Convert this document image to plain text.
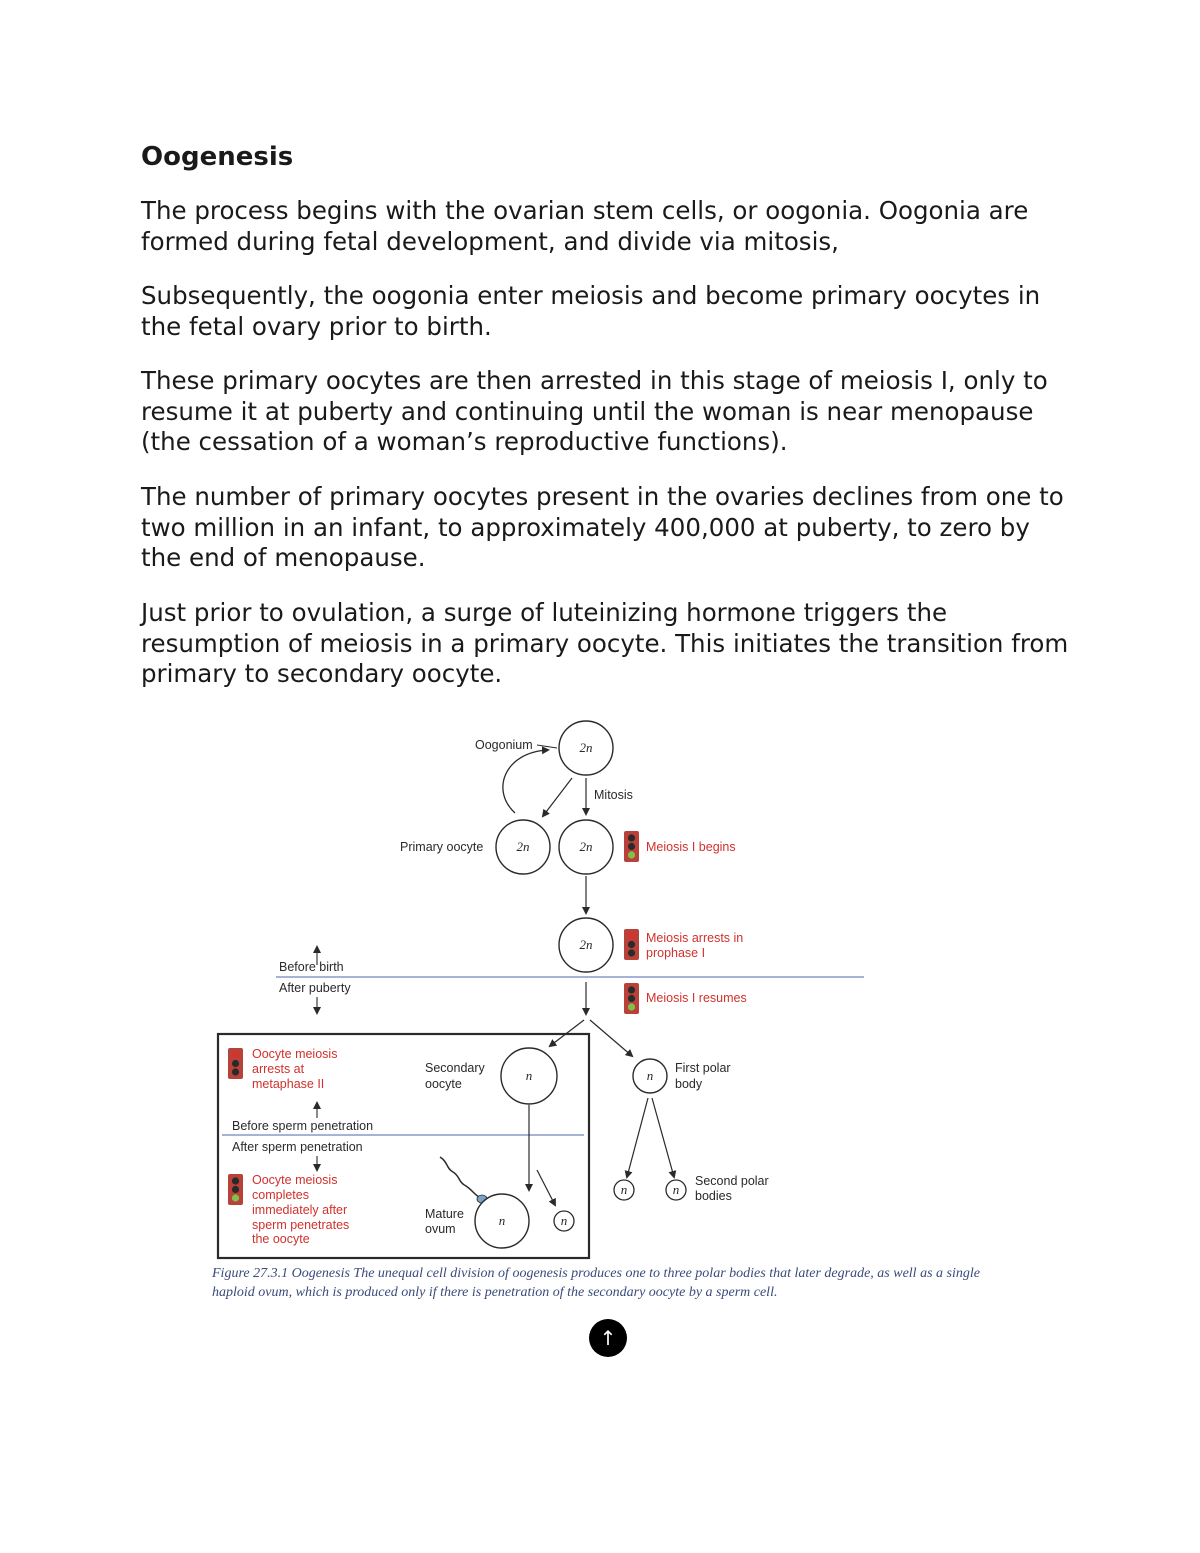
Oogenesis

The process begins with the ovarian stem cells, or oogonia. Oogonia are formed during fetal development, and divide via mitosis,

Subsequently, the oogonia enter meiosis and become primary oocytes in the fetal ovary prior to birth.

These primary oocytes are then arrested in this stage of meiosis I, only to resume it at puberty and continuing until the woman is near menopause (the cessation of a woman’s reproductive functions).

The number of primary oocytes present in the ovaries declines from one to two million in an infant, to approximately 400,000 at puberty, to zero by the end of menopause.

Just prior to ovulation, a surge of luteinizing hormone triggers the resumption of meiosis in a primary oocyte. This initiates the transition from primary to secondary oocyte.

2n
Oogonium
Mitosis
2n	2n
Primary oocyte	Meiosis I begins
2n	Meiosis arrests in
prophase I
Before birth
After puberty
Meiosis I resumes
Oocyte meiosis
arrests at
metaphase II
Secondary
oocyte
n	n First polar
body
Before sperm penetration
After sperm penetration
Oocyte meiosis
completes
immediately after
sperm penetrates
the oocyte
Mature
ovum
n	n
n	n
Second polar
bodies

Figure 27.3.1 Oogenesis The unequal cell division of oogenesis produces one to three polar bodies that later degrade, as well as a single haploid ovum, which is produced only if there is penetration of the secondary oocyte by a sperm cell.

↑
